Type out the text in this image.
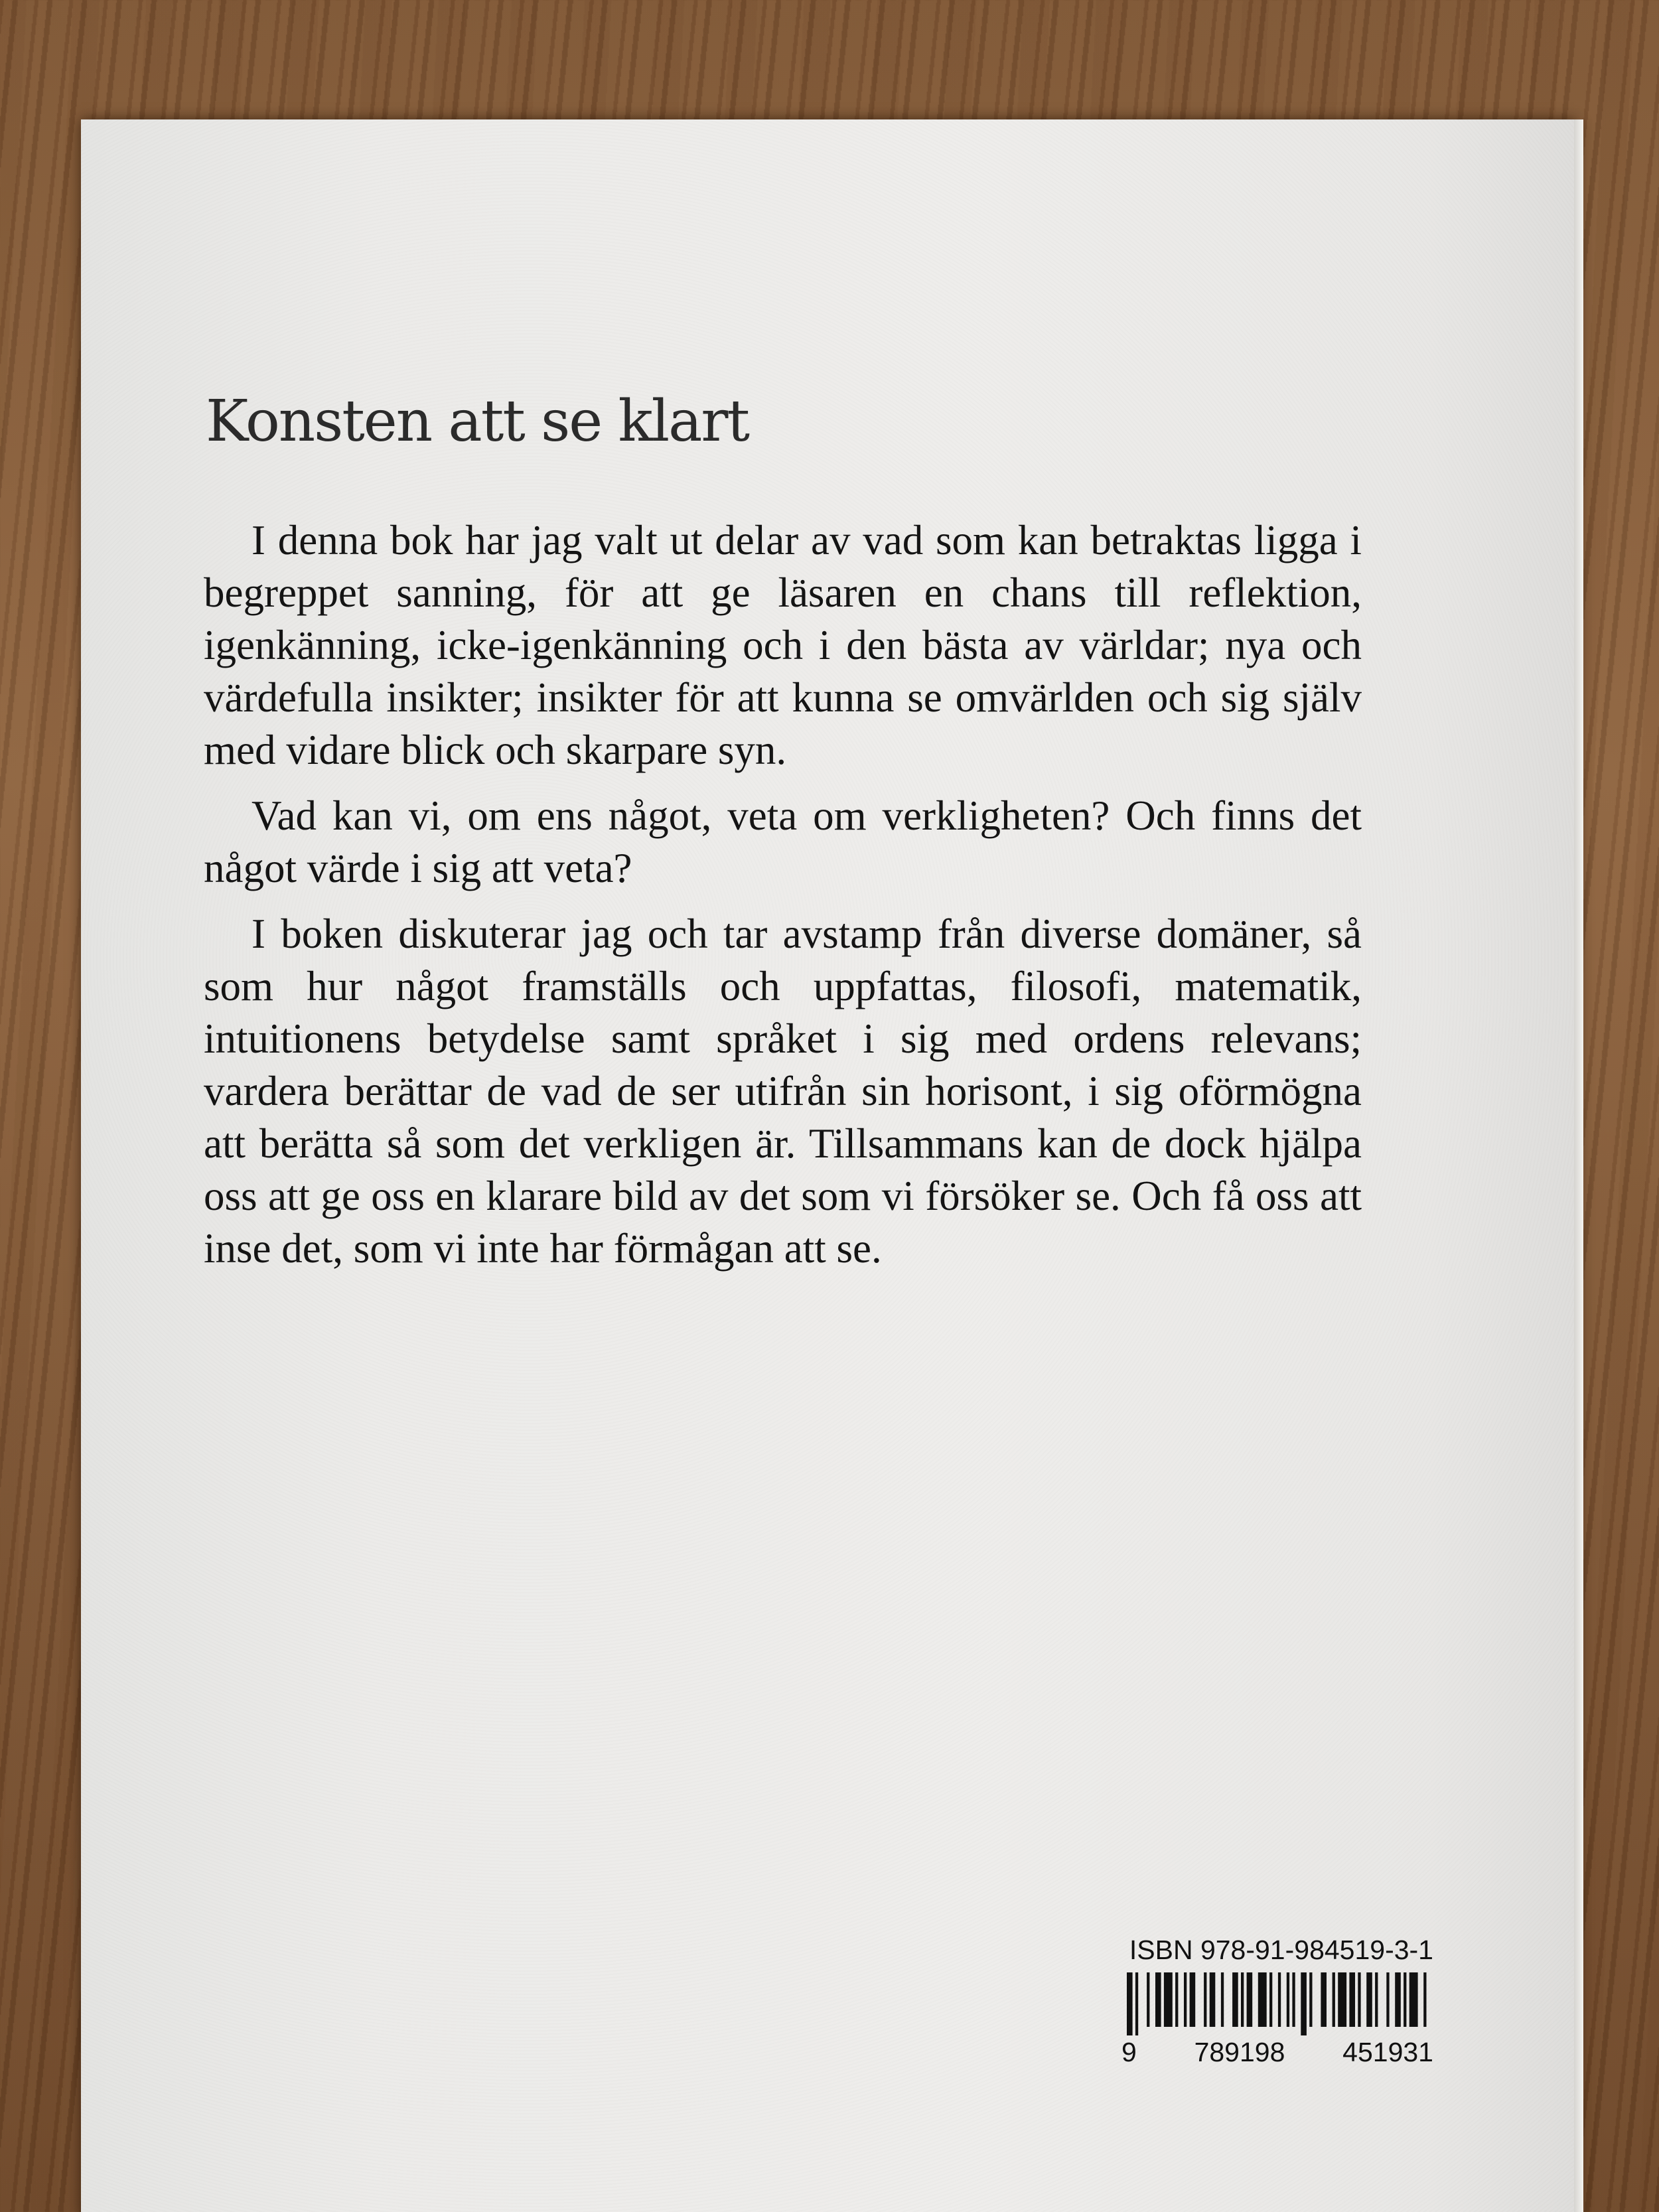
Konsten att se klart

I denna bok har jag valt ut delar av vad som kan betraktas ligga i begreppet sanning, för att ge läsaren en chans till reflektion, igenkänning, icke-igenkänning och i den bästa av världar; nya och värdefulla insikter; insikter för att kunna se omvärlden och sig själv med vidare blick och skarpare syn.

Vad kan vi, om ens något, veta om verkligheten? Och finns det något värde i sig att veta?

I boken diskuterar jag och tar avstamp från diverse domäner, så som hur något framställs och uppfattas, filosofi, matematik, intuitionens betydelse samt språket i sig med ordens relevans; vardera berättar de vad de ser utifrån sin horisont, i sig oförmögna att berätta så som det verkligen är. Tillsammans kan de dock hjälpa oss att ge oss en klarare bild av det som vi försöker se. Och få oss att inse det, som vi inte har förmågan att se.

ISBN 978-91-984519-3-1
9 789198 451931
